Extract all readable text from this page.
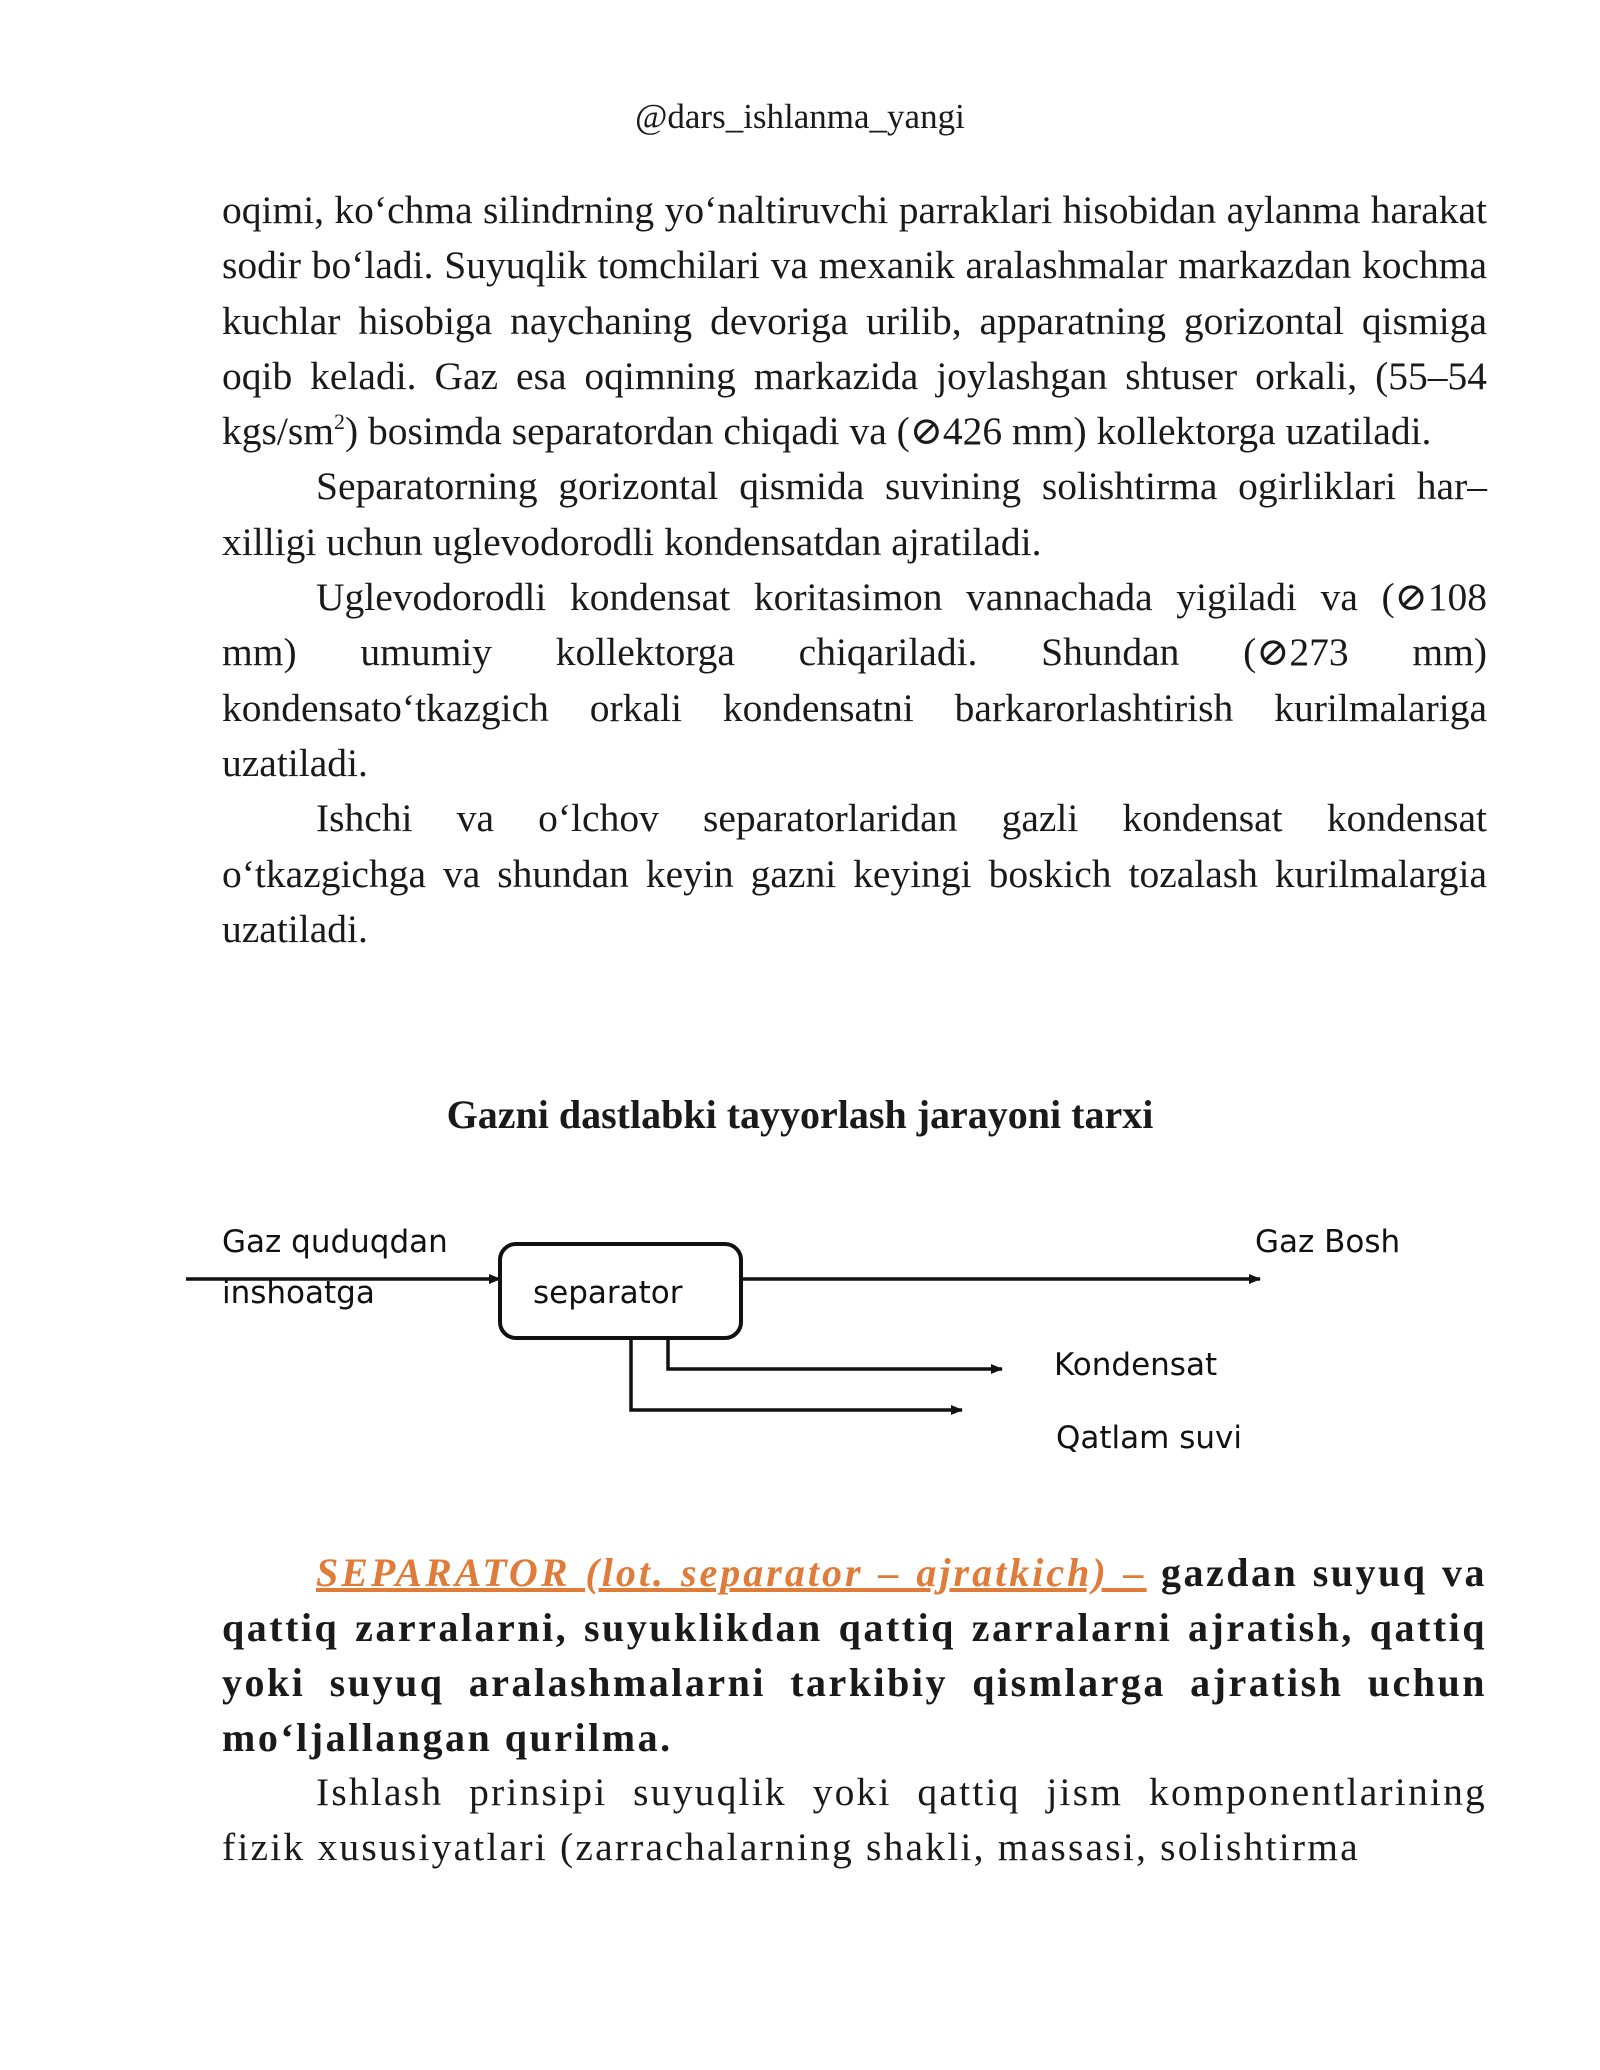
@dars_ishlanma_yangi

oqimi, ko‘chma silindrning yo‘naltiruvchi parraklari hisobidan aylanma harakat sodir bo‘ladi. Suyuqlik tomchilari va mexanik aralashmalar markazdan kochma kuchlar hisobiga naychaning devoriga urilib, apparatning gorizontal qismiga oqib keladi. Gaz esa oqimning markazida joylashgan shtuser orkali, (55–54 kgs/$sm^2$) bosimda separatordan chiqadi va (⊘426 mm) kollektorga uzatiladi.

Separatorning gorizontal qismida suvining solishtirma ogirliklari har–xilligi uchun uglevodorodli kondensatdan ajratiladi.

Uglevodorodli kondensat koritasimon vannachada yigiladi va (⊘108 mm) umumiy kollektorga chiqariladi. Shundan (⊘273 mm) kondensato‘tkazgich orkali kondensatni barkarorlashtirish kurilmalariga uzatiladi.

Ishchi va o‘lchov separatorlaridan gazli kondensat kondensat o‘tkazgichga va shundan keyin gazni keyingi boskich tozalash kurilmalargia uzatiladi.

Gazni dastlabki tayyorlash jarayoni tarxi
Gaz quduqdan
inshoatga	separator
Gaz Bosh
Kondensat
Qatlam suvi

SEPARATOR (lot. separator – ajratkich) – gazdan suyuq va qattiq zarralarni, suyuklikdan qattiq zarralarni ajratish, qattiq yoki suyuq aralashmalarni tarkibiy qismlarga ajratish uchun mo‘ljallangan qurilma.

Ishlash prinsipi suyuqlik yoki qattiq jism komponentlarining fizik xususiyatlari (zarrachalarning shakli, massasi, solishtirma
